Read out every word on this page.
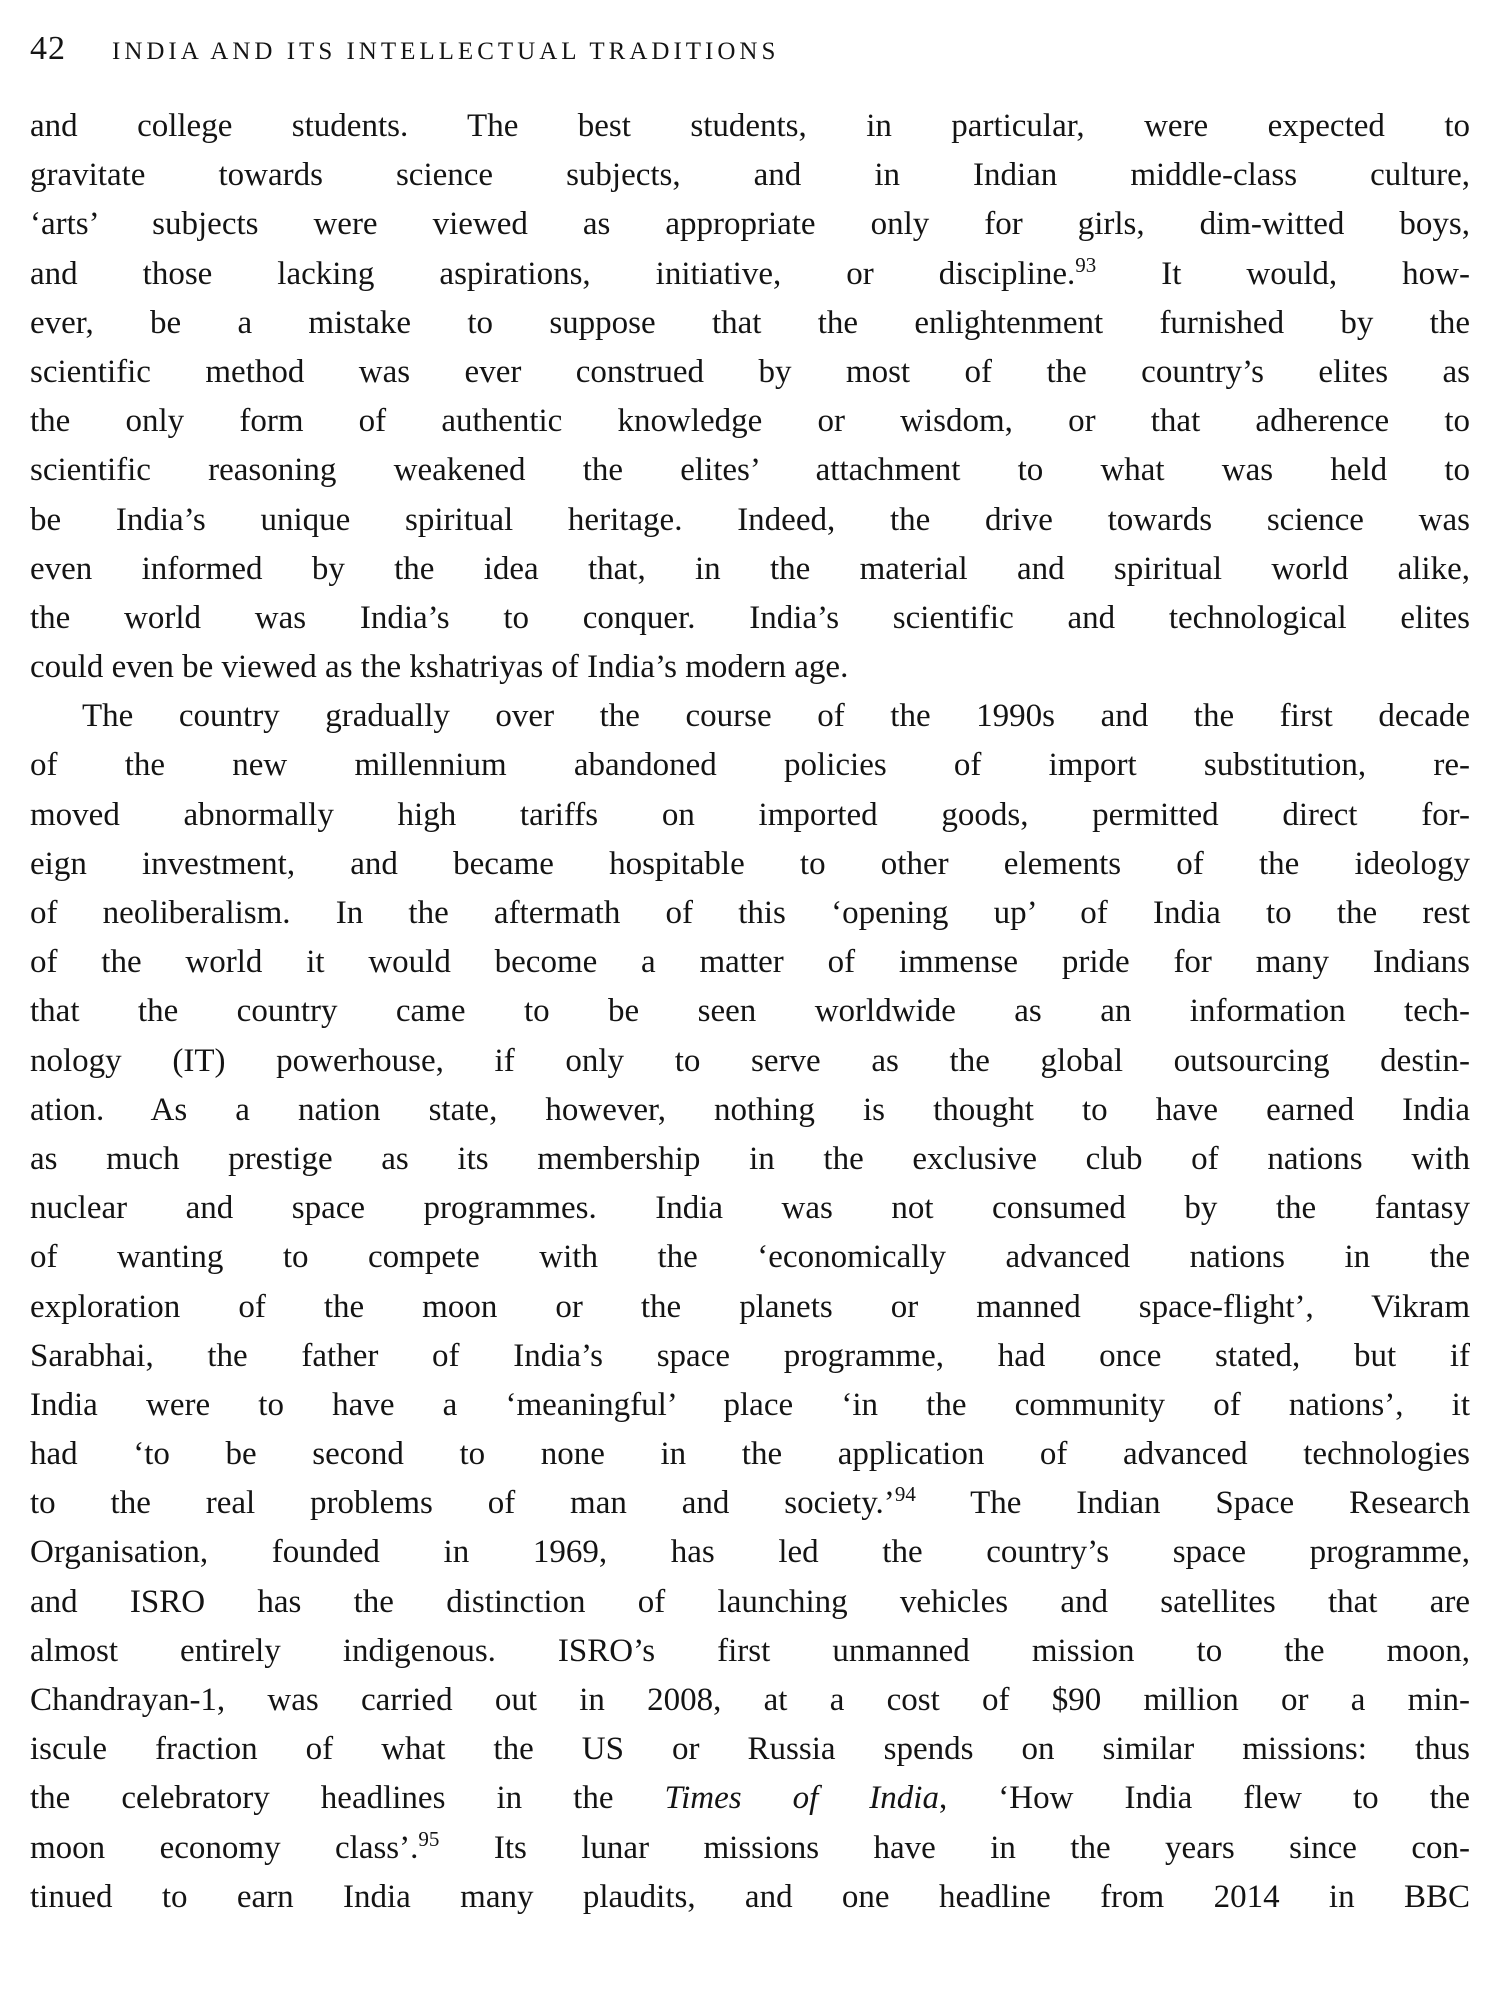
42 INDIA AND ITS INTELLECTUAL TRADITIONS
and college students. The best students, in particular, were expected to
gravitate towards science subjects, and in Indian middle-class culture,
‘arts’ subjects were viewed as appropriate only for girls, dim-witted boys,
and those lacking aspirations, initiative, or discipline.$^{93}$ It would, how-
ever, be a mistake to suppose that the enlightenment furnished by the
scientific method was ever construed by most of the country’s elites as
the only form of authentic knowledge or wisdom, or that adherence to
scientific reasoning weakened the elites’ attachment to what was held to
be India’s unique spiritual heritage. Indeed, the drive towards science was
even informed by the idea that, in the material and spiritual world alike,
the world was India’s to conquer. India’s scientific and technological elites
could even be viewed as the kshatriyas of India’s modern age.
The country gradually over the course of the 1990s and the first decade
of the new millennium abandoned policies of import substitution, re-
moved abnormally high tariffs on imported goods, permitted direct for-
eign investment, and became hospitable to other elements of the ideology
of neoliberalism. In the aftermath of this ‘opening up’ of India to the rest
of the world it would become a matter of immense pride for many Indians
that the country came to be seen worldwide as an information tech-
nology (IT) powerhouse, if only to serve as the global outsourcing destin-
ation. As a nation state, however, nothing is thought to have earned India
as much prestige as its membership in the exclusive club of nations with
nuclear and space programmes. India was not consumed by the fantasy
of wanting to compete with the ‘economically advanced nations in the
exploration of the moon or the planets or manned space-flight’, Vikram
Sarabhai, the father of India’s space programme, had once stated, but if
India were to have a ‘meaningful’ place ‘in the community of nations’, it
had ‘to be second to none in the application of advanced technologies
to the real problems of man and society.’$^{94}$ The Indian Space Research
Organisation, founded in 1969, has led the country’s space programme,
and ISRO has the distinction of launching vehicles and satellites that are
almost entirely indigenous. ISRO’s first unmanned mission to the moon,
Chandrayan-1, was carried out in 2008, at a cost of $90 million or a min-
iscule fraction of what the US or Russia spends on similar missions: thus
the celebratory headlines in the Times of India, ‘How India flew to the
moon economy class’.$^{95}$ Its lunar missions have in the years since con-
tinued to earn India many plaudits, and one headline from 2014 in BBC
